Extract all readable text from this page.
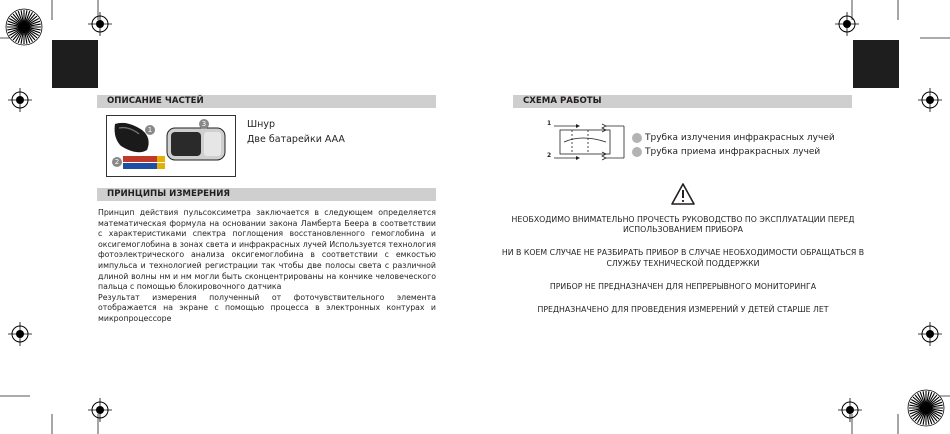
ОПИСАНИЕ ЧАСТЕЙ
1
3
2
Шнур
Две батарейки AAA
ПРИНЦИПЫ ИЗМЕРЕНИЯ

Принцип действия пульсоксиметра заключается в следующем определяется математическая формула на основании закона Ламберта Беера в соответствии с характеристиками спектра поглощения восстановленного гемоглобина и оксигемоглобина в зонах света и инфракрасных лучей Используется технология фотоэлектрического анализа оксигемоглобина в соответствии с емкостью импульса и технологией регистрации так чтобы две полосы света с различной длиной волны нм и нм могли быть сконцентрированы на кончике человеческого пальца с помощью блокировочного датчика

Результат измерения полученный от фоточувствительного элемента отображается на экране с помощью процесса в электронных контурах и микропроцессоре

СХЕМА РАБОТЫ
1
2
Трубка излучения инфракрасных лучей
Трубка приема инфракрасных лучей

НЕОБХОДИМО ВНИМАТЕЛЬНО ПРОЧЕСТЬ РУКОВОДСТВО ПО ЭКСПЛУАТАЦИИ ПЕРЕД ИСПОЛЬЗОВАНИЕМ ПРИБОРА

НИ В КОЕМ СЛУЧАЕ НЕ РАЗБИРАТЬ ПРИБОР В СЛУЧАЕ НЕОБХОДИМОСТИ ОБРАЩАТЬСЯ В СЛУЖБУ ТЕХНИЧЕСКОЙ ПОДДЕРЖКИ

ПРИБОР НЕ ПРЕДНАЗНАЧЕН ДЛЯ НЕПРЕРЫВНОГО МОНИТОРИНГА

ПРЕДНАЗНАЧЕНО ДЛЯ ПРОВЕДЕНИЯ ИЗМЕРЕНИЙ У ДЕТЕЙ СТАРШЕ ЛЕТ
